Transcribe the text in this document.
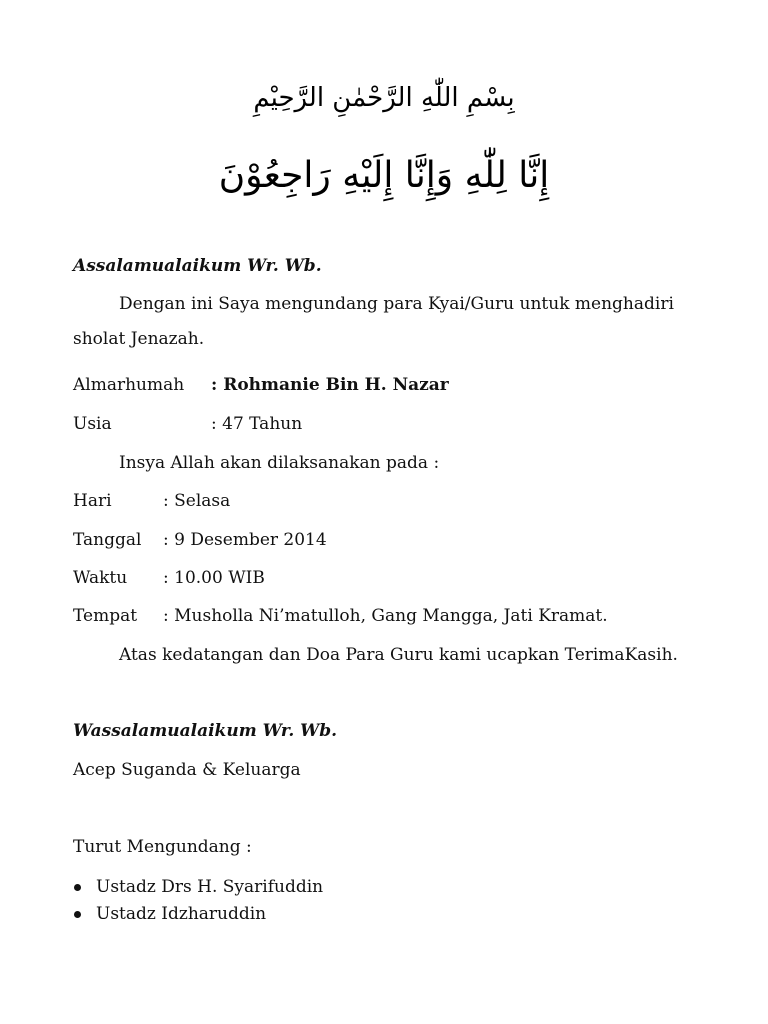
بِسْمِ اللّٰهِ الرَّحْمٰنِ الرَّحِيْمِ
إِنَّا لِلّٰهِ وَإِنَّا إِلَيْهِ رَاجِعُوْنَ
Assalamualaikum Wr. Wb.
Dengan ini Saya mengundang para Kyai/Guru untuk menghadiri
sholat Jenazah.
Almarhumah : Rohmanie Bin H. Nazar
Usia	: 47 Tahun
Insya Allah akan dilaksanakan pada :
Hari	: Selasa
Tanggal : 9 Desember 2014
Waktu : 10.00 WIB
Tempat : Musholla Ni’matulloh, Gang Mangga, Jati Kramat.
Atas kedatangan dan Doa Para Guru kami ucapkan TerimaKasih.
Wassalamualaikum Wr. Wb.
Acep Suganda & Keluarga
Turut Mengundang :
Ustadz Drs H. Syarifuddin
Ustadz Idzharuddin
